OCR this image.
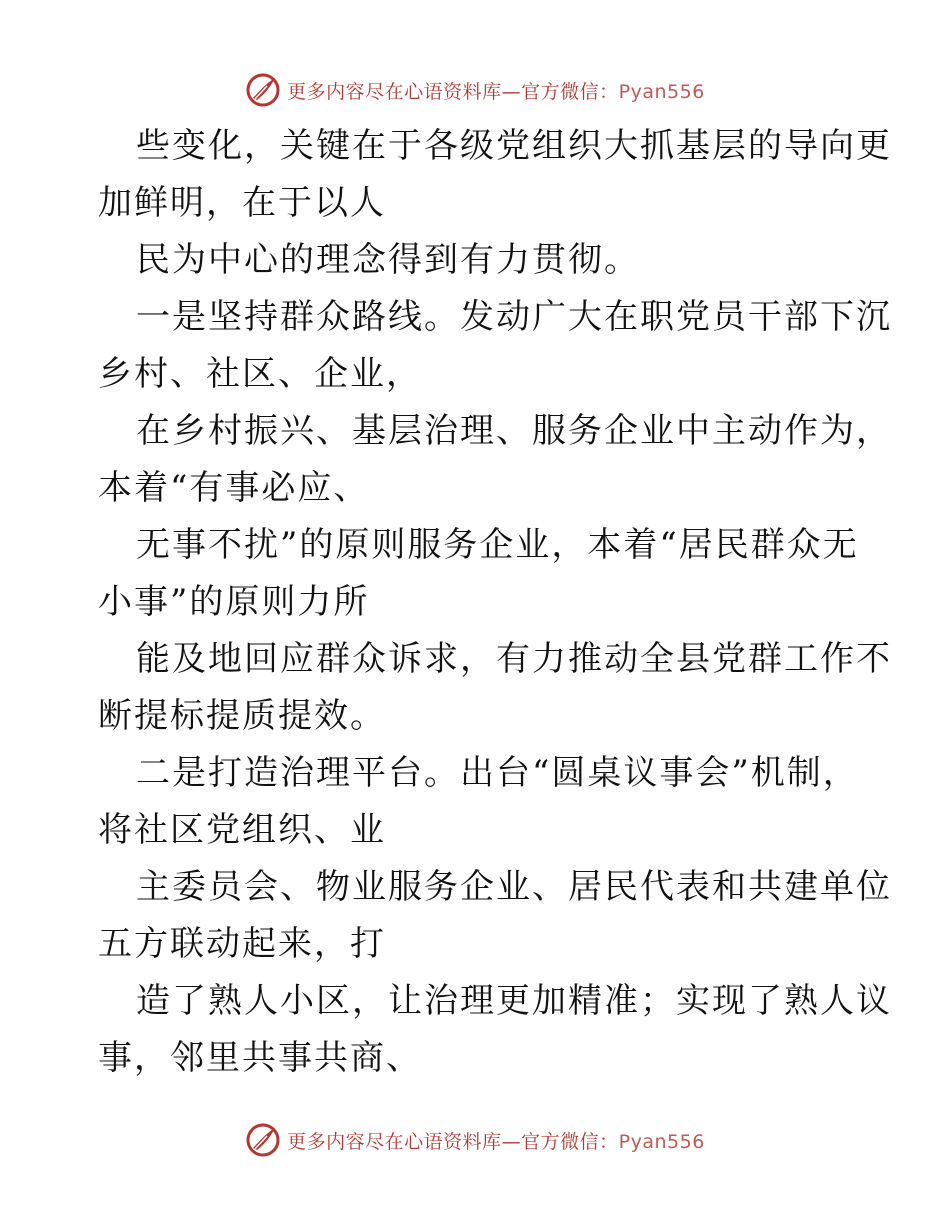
更多内容尽在心语资料库—官方微信：Pyan556
些变化，关键在于各级党组织大抓基层的导向更
加鲜明，在于以人
民为中心的理念得到有力贯彻。
一是坚持群众路线。发动广大在职党员干部下沉
乡村、社区、企业，
在乡村振兴、基层治理、服务企业中主动作为，
本着“有事必应、
无事不扰”的原则服务企业，本着“居民群众无
小事”的原则力所
能及地回应群众诉求，有力推动全县党群工作不
断提标提质提效。
二是打造治理平台。出台“圆桌议事会”机制，
将社区党组织、业
主委员会、物业服务企业、居民代表和共建单位
五方联动起来，打
造了熟人小区，让治理更加精准；实现了熟人议
事，邻里共事共商、
更多内容尽在心语资料库—官方微信：Pyan556
